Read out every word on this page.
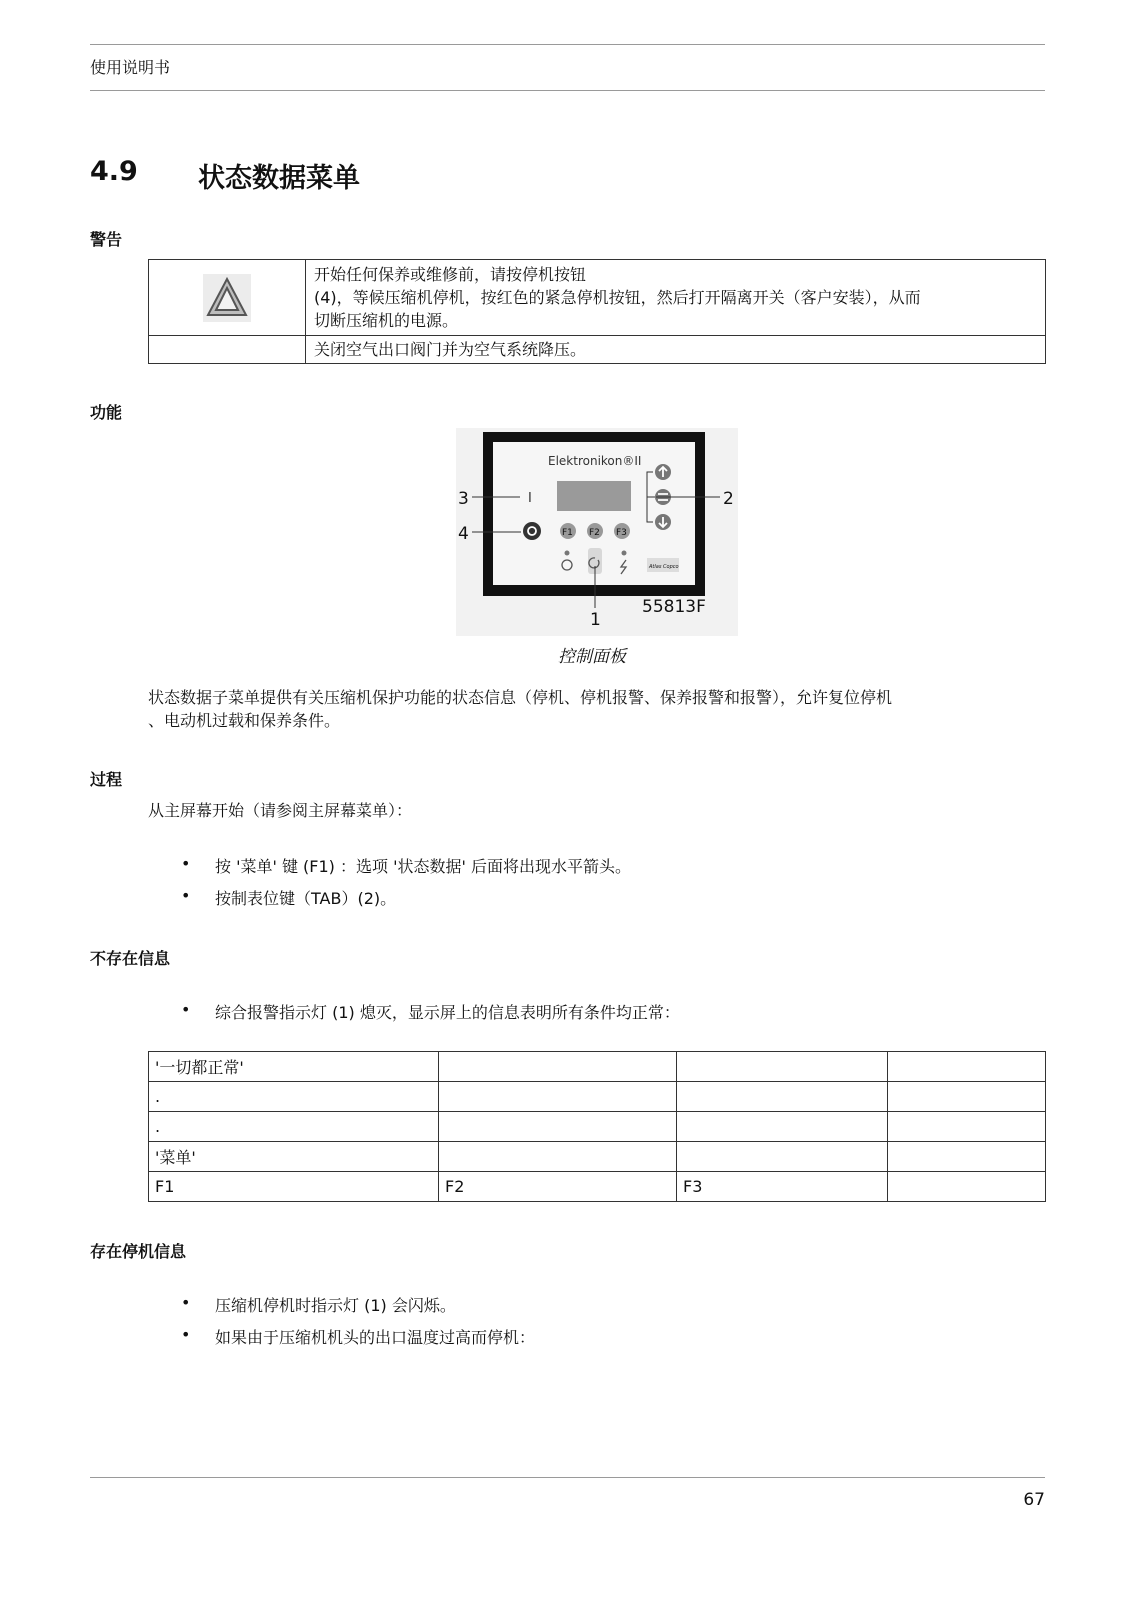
使用说明书
4.9 状态数据菜单
警告

开始任何保养或维修前，请按停机按钮
(4)，等候压缩机停机，按红色的紧急停机按钮，然后打开隔离开关（客户安装），从而
切断压缩机的电源。

	关闭空气出口阀门并为空气系统降压。
功能
Elektronikon®II
I
F1 F2 F3
Atlas Copco
3
4
2
1
55813F
控制面板
状态数据子菜单提供有关压缩机保护功能的状态信息（停机、停机报警、保养报警和报警），允许复位停机
、电动机过载和保养条件。
过程
从主屏幕开始（请参阅主屏幕菜单）：
• 按 '菜单' 键 (F1) ：选项 '状态数据' 后面将出现水平箭头。
• 按制表位键（TAB）(2)。
不存在信息
• 综合报警指示灯 (1) 熄灭，显示屏上的信息表明所有条件均正常：
'一切都正常'			
.			
.			
'菜单'			
F1	F2	F3	
存在停机信息
• 压缩机停机时指示灯 (1) 会闪烁。
• 如果由于压缩机机头的出口温度过高而停机：
67
